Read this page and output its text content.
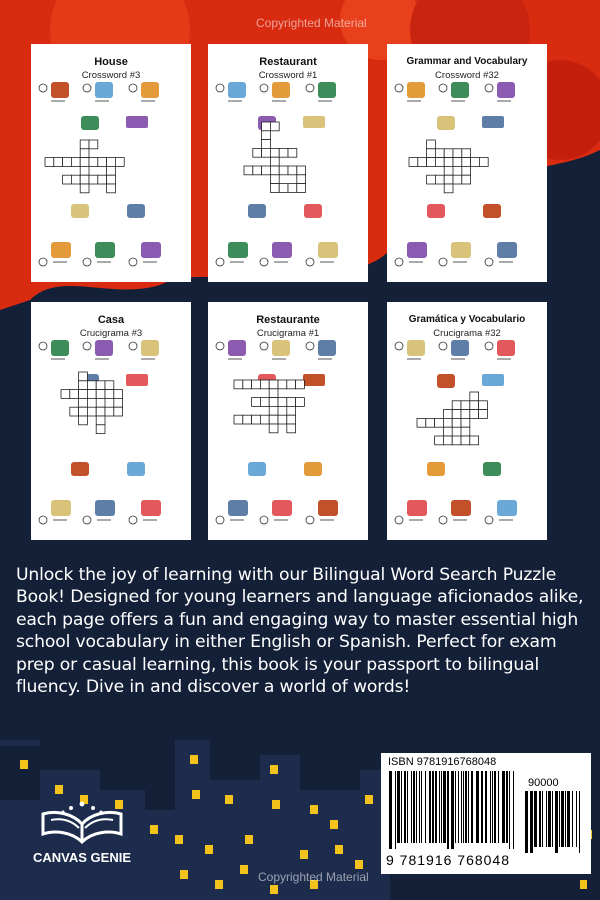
Copyrighted Material
House
Crossword #3
Restaurant
Crossword #1
Grammar and Vocabulary
Crossword #32
Casa
Crucigrama #3
Restaurante
Crucigrama #1
Gramática y Vocabulario
Crucigrama #32
Unlock the joy of learning with our Bilingual Word Search Puzzle Book! Designed for young learners and language aficionados alike, each page offers a fun and engaging way to master essential high school vocabulary in either English or Spanish. Perfect for exam prep or casual learning, this book is your passport to bilingual fluency. Dive in and discover a world of words!
ISBN 9781916768048
90000
9 781916 768048
Copyrighted Material
CANVAS GENIE
